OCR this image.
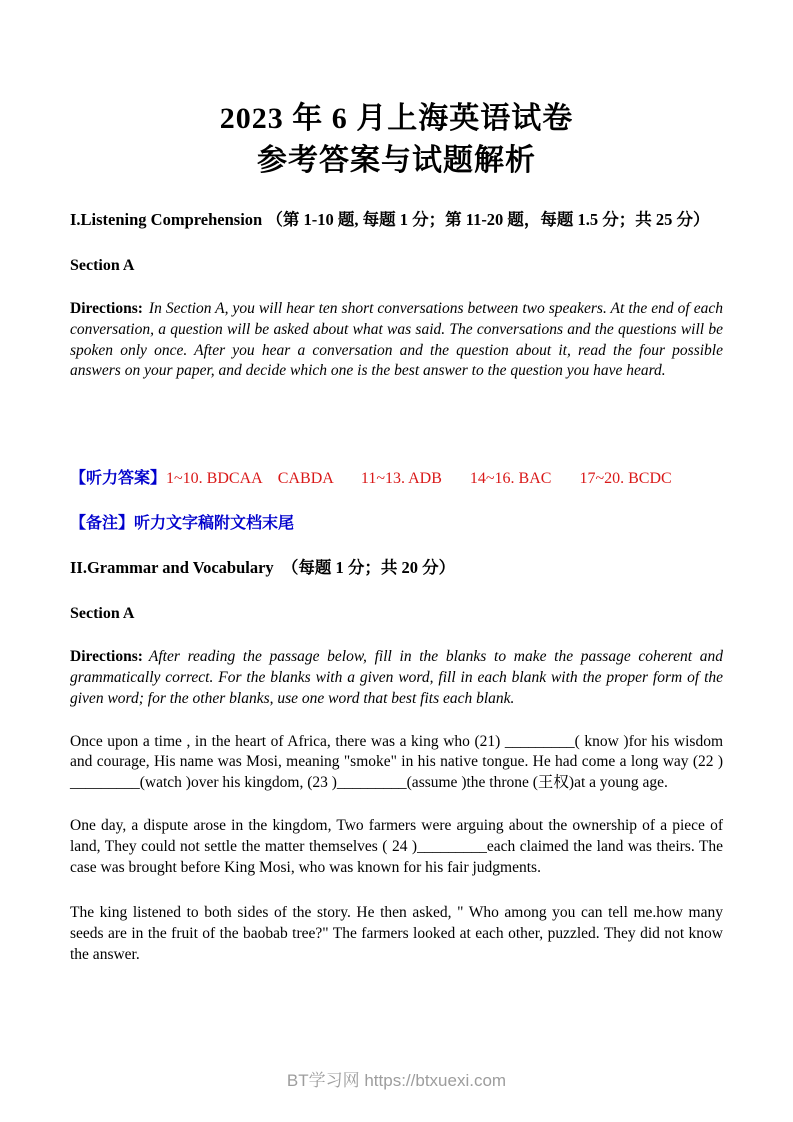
2023 年 6 月上海英语试卷
参考答案与试题解析

I.Listening Comprehension （第 1-10 题, 每题 1 分；第 11-20 题，每题 1.5 分；共 25 分）

Section A

Directions: In Section A, you will hear ten short conversations between two speakers. At the end of each conversation, a question will be asked about what was said. The conversations and the questions will be spoken only once. After you hear a conversation and the question about it, read the four possible answers on your paper, and decide which one is the best answer to the question you have heard.

【听力答案】1~10. BDCAA    CABDA       11~13. ADB       14~16. BAC       17~20. BCDC

【备注】听力文字稿附文档末尾

II.Grammar and Vocabulary  （每题 1 分；共 20 分）

Section A

Directions: After reading the passage below, fill in the blanks to make the passage coherent and grammatically correct. For the blanks with a given word, fill in each blank with the proper form of the given word; for the other blanks, use one word that best fits each blank.

Once upon a time , in the heart of Africa, there was a king who (21) _________( know )for his wisdom and courage, His name was Mosi, meaning "smoke" in his native tongue. He had come a long way (22 ) _________(watch )over his kingdom, (23 )_________(assume )the throne (王权)at a young age.

One day, a dispute arose in the kingdom, Two farmers were arguing about the ownership of a piece of land, They could not settle the matter themselves ( 24 )_________each claimed the land was theirs. The case was brought before King Mosi, who was known for his fair judgments.

The king listened to both sides of the story. He then asked, " Who among you can tell me.how many seeds are in the fruit of the baobab tree?" The farmers looked at each other, puzzled. They did not know the answer.

BT学习网 https://btxuexi.com
